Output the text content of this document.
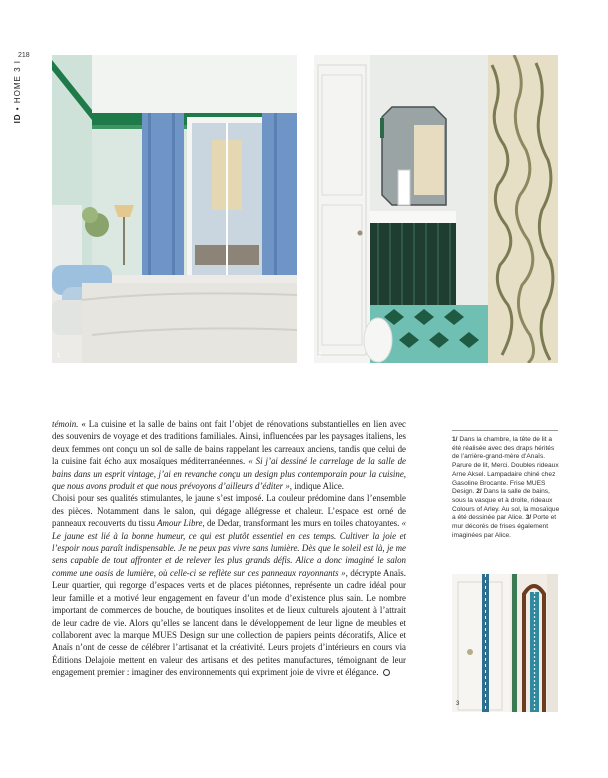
218
ID • HOME 3 I
1	2

témoin. « La cuisine et la salle de bains ont fait l’objet de rénovations substantielles en lien avec des souvenirs de voyage et des traditions familiales. Ainsi, influencées par les paysages italiens, les deux femmes ont conçu un sol de salle de bains rappelant les carreaux anciens, tandis que celui de la cuisine fait écho aux mosaïques méditerranéennes. « Si j’ai dessiné le carrelage de la salle de bains dans un esprit vintage, j’ai en revanche conçu un design plus contemporain pour la cuisine, que nous avons produit et que nous prévoyons d’ailleurs d’éditer », indique Alice.

Choisi pour ses qualités stimulantes, le jaune s’est imposé. La couleur prédomine dans l’ensemble des pièces. Notamment dans le salon, qui dégage allégresse et chaleur. L’espace est orné de panneaux recouverts du tissu Amour Libre, de Dedar, transformant les murs en toiles chatoyantes. « Le jaune est lié à la bonne humeur, ce qui est plutôt essentiel en ces temps. Cultiver la joie et l’espoir nous paraît indispensable. Je ne peux pas vivre sans lumière. Dès que le soleil est là, je me sens capable de tout affronter et de relever les plus grands défis. Alice a donc imaginé le salon comme une oasis de lumière, où celle-ci se reflète sur ces panneaux rayonnants », décrypte Anaïs. Leur quartier, qui regorge d’espaces verts et de places piétonnes, représente un cadre idéal pour leur famille et a motivé leur engagement en faveur d’un mode d’existence plus sain. Le nombre important de commerces de bouche, de boutiques insolites et de lieux culturels ajoutent à l’attrait de leur cadre de vie. Alors qu’elles se lancent dans le développement de leur ligne de meubles et collaborent avec la marque MUES Design sur une collection de papiers peints décoratifs, Alice et Anaïs n’ont de cesse de célébrer l’artisanat et la créativité. Leurs projets d’intérieurs en cours via Éditions Delajoie mettent en valeur des artisans et des petites manufactures, témoignant de leur engagement premier : imaginer des environnements qui expriment joie de vivre et élégance.

1/ Dans la chambre, la tête de lit a été réalisée avec des draps hérités de l’arrière-grand-mère d’Anaïs. Parure de lit, Merci. Doubles rideaux Arne Aksel. Lampadaire chiné chez Gasoline Brocante. Frise MUES Design. 2/ Dans la salle de bains, sous la vasque et à droite, rideaux Colours of Arley. Au sol, la mosaïque a été dessinée par Alice. 3/ Porte et mur décorés de frises également imaginées par Alice.

3
